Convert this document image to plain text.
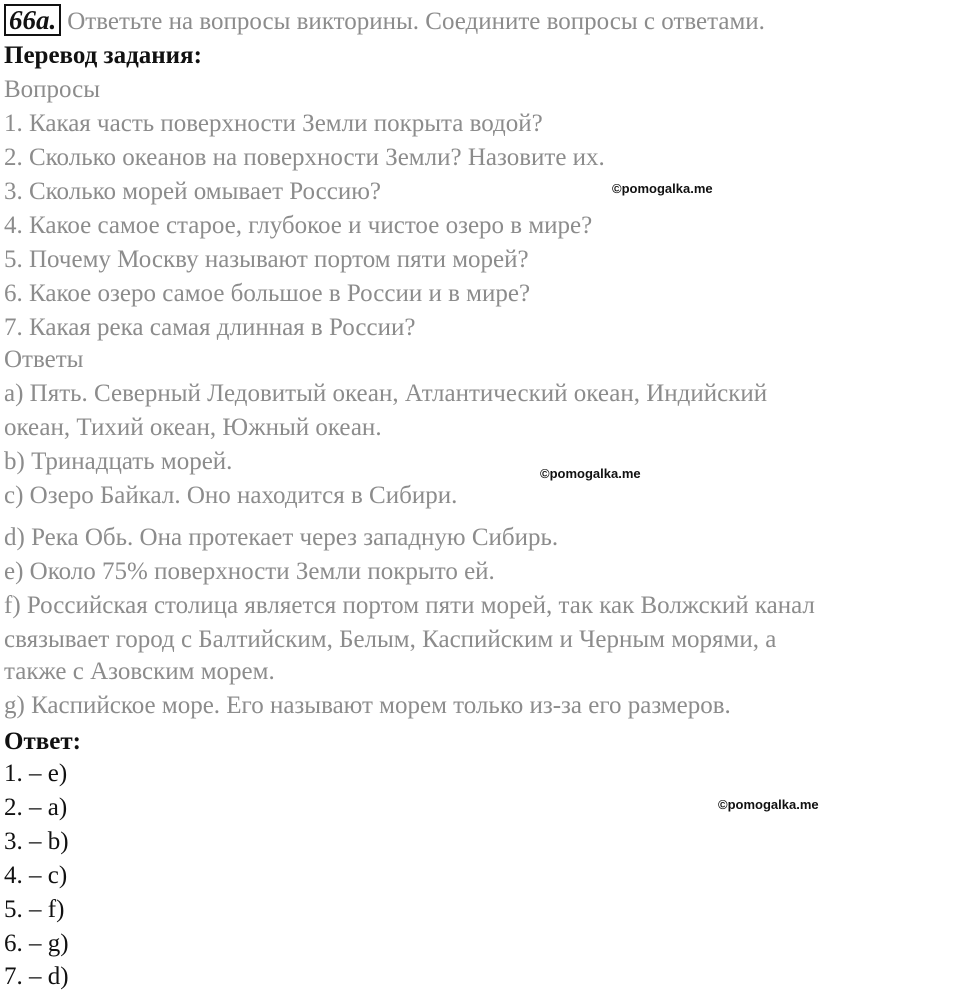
66a. Ответьте на вопросы викторины. Соедините вопросы с ответами.
Перевод задания:
Вопросы
1. Какая часть поверхности Земли покрыта водой?
2. Сколько океанов на поверхности Земли? Назовите их.
3. Сколько морей омывает Россию?
4. Какое самое старое, глубокое и чистое озеро в мире?
5. Почему Москву называют портом пяти морей?
6. Какое озеро самое большое в России и в мире?
7. Какая река самая длинная в России?
Ответы
a) Пять. Северный Ледовитый океан, Атлантический океан, Индийский
океан, Тихий океан, Южный океан.
b) Тринадцать морей.
c) Озеро Байкал. Оно находится в Сибири.
d) Река Обь. Она протекает через западную Сибирь.
e) Около 75% поверхности Земли покрыто ей.
f) Российская столица является портом пяти морей, так как Волжский канал
связывает город с Балтийским, Белым, Каспийским и Черным морями, а
также с Азовским морем.
g) Каспийское море. Его называют морем только из-за его размеров.
Ответ:
1. – e)
2. – a)
3. – b)
4. – c)
5. – f)
6. – g)
7. – d)
©pomogalka.me
©pomogalka.me
©pomogalka.me
